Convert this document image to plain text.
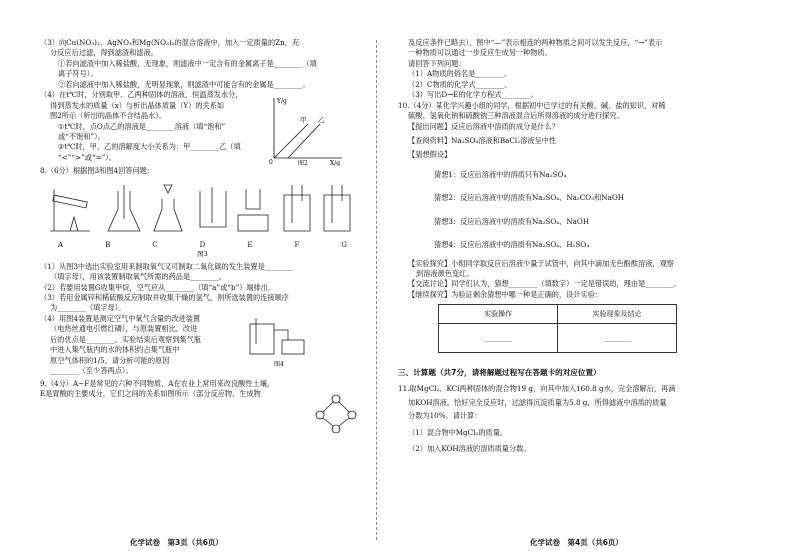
（3）向Cu(NO₃)₂、AgNO₃和Mg(NO₃)₂的混合溶液中，加入一定质量的Zn，充

分反应后过滤，得到滤渣和滤液。

①若向滤渣中加入稀盐酸，无现象，则滤液中一定含有的金属离子是________（填

离子符号）。

②若向滤液中加入稀盐酸，无明显现象，则滤渣中可能含有的金属是________。

（4）在t℃时，分别取甲、乙两种固体的溶液，恒温蒸发水分，

得到蒸发水的质量（x）与析出晶体质量（Y）的关系如

图2所示（析出的晶体不含结晶水）。

①t℃时，点O点乙的溶液是________溶液（填“饱和”

或“不饱和”）。

②t℃时，甲、乙的溶解度大小关系为：甲________乙（填

“<”“>”或“=”）。

Y/g
X/g
甲 乙
0	图2

8.（6分）根据图3和图4回答问题：

A	B	C	D	E	F	G
图3

（1）从图3中选出实验室用来制取氧气又可制取二氧化碳的发生装置是________

（填字母），用该装置制取氧气所需的药品是________。

（2）若要用装置G收集甲烷，空气应从________（填“a”或“b”）端排出。

（3）若用金属锌和稀硫酸反应制取并收集干燥的氢气，则所选装置的连接顺序

为________（填字母）。

（4）用图4装置是测定空气中氧气含量的改进装置

（电热丝通电引燃红磷），与原装置相比，改进

后的优点是________。实验结束后观察到集气瓶

中进入集气瓶内的水的体积约占集气瓶中

原空气体积的1/5，请分析可能的原因

________（至少答两点）。

图4

9.（4分）A~F是常见的六种不同物质，A在农业上常用来改良酸性土壤，

E是胃酸的主要成分，它们之间的关系如图所示（部分反应物、生成物

化学试卷　第3页（共6页）

及反应条件已略去），图中“—”表示相连的两种物质之间可以发生反应，“→”表示

一种物质可以通过一步反应生成另一种物质。

请回答下列问题：

（1）A物质的俗名是________。

（2）C物质的化学式________。

（3）写出D→E的化学方程式________。

10.（4分）某化学兴趣小组的同学，根据初中已学过的有关酸、碱、盐的知识，对稀

硫酸、氢氧化钠和硫酸钠三种溶液混合后所得溶液的成分进行探究。

【提出问题】反应后溶液中溶质的成分是什么？

【查阅资料】Na₂SO₄溶液和BaCl₂溶液呈中性

【猜想假设】

猜想1：反应后溶液中的溶质只有Na₂SO₄

猜想2：反应后溶液中的溶质有Na₂SO₄、Na₂CO₃和NaOH

猜想3：反应后溶液中的溶质有Na₂SO₄、NaOH

猜想4：反应后溶液中的溶质有Na₂SO₄、H₂SO₄

【实验探究】小组同学取反应后溶液少量于试管中，向其中滴加无色酚酞溶液，观察

到溶液颜色变红。

【交流讨论】同学们认为，猜想________（填数字）一定是错误的，理由是________。

【继续探究】为验证剩余猜想中哪一种是正确的，设计实验：

实验操作	实验现象及结论
________	________

三、计算题（共7分，请将解题过程写在答题卡的对应位置）

11.取MgCl₂、KCl两种固体的混合物19 g，向其中加入160.8 g水，完全溶解后，再滴

加KOH溶液，恰好完全反应时，过滤得沉淀质量为5.8 g，所得滤液中溶质的质量

分数为10%。请计算：

（1）混合物中MgCl₂的质量。

（2）加入KOH溶液的溶质质量分数。

化学试卷　第4页（共6页）
